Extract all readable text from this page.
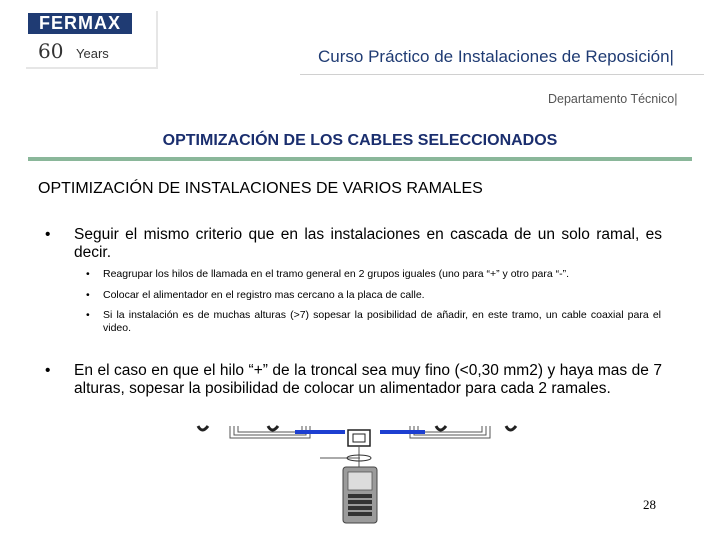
FERMAX
60 Years	Curso Práctico de Instalaciones de Reposición|
Departamento Técnico|
OPTIMIZACIÓN DE LOS CABLES SELECCIONADOS
OPTIMIZACIÓN DE INSTALACIONES DE VARIOS RAMALES
• Seguir el mismo criterio que en las instalaciones en cascada de un solo ramal, es decir.
• Reagrupar los hilos de llamada en el tramo general en 2 grupos iguales (uno para “+” y otro para “-”.
• Colocar el alimentador en el registro mas cercano a la placa de calle.
• Si la instalación es de muchas alturas (>7) sopesar la posibilidad de añadir, en este tramo, un cable coaxial para el video.
• En el caso en que el hilo “+” de la troncal sea muy fino (<0,30 mm2) y haya mas de 7 alturas, sopesar la posibilidad de colocar un alimentador para cada 2 ramales.
28
